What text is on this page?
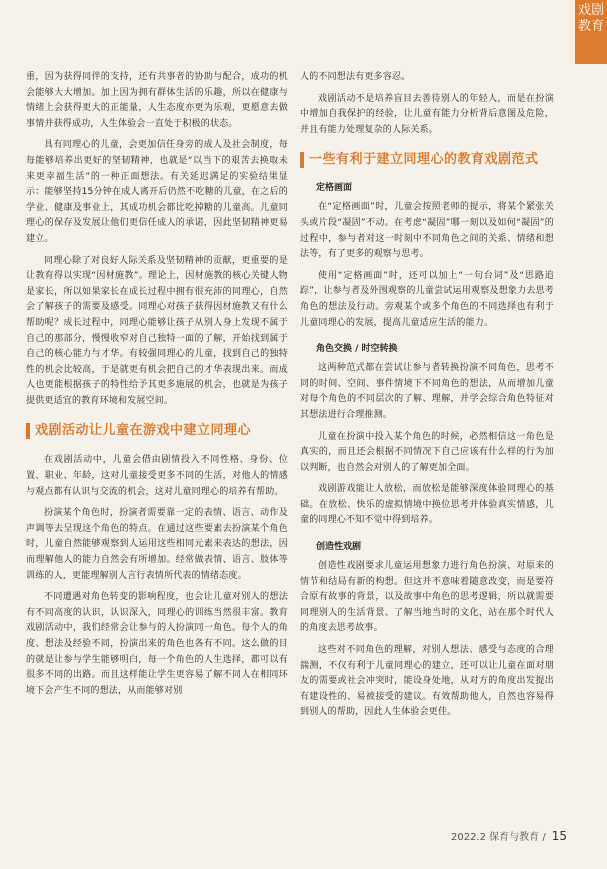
戏剧
教育

重，因为获得同伴的支持，还有共事者的协助与配合，成功的机会能够大大增加。加上因为拥有群体生活的乐趣，所以在健康与情绪上会获得更大的正能量，人生态度亦更为乐观，更愿意去做事情并获得成功，人生体验会一直处于积极的状态。

具有同理心的儿童，会更加信任身旁的成人及社会制度，每每能够培养出更好的坚韧精神，也就是“以当下的艰苦去换取未来更幸福生活”的一种正面想法。有关延迟满足的实验结果显示：能够坚持15分钟在成人离开后仍然不吃糖的儿童，在之后的学业、健康及事业上，其成功机会都比吃掉糖的儿童高。儿童同理心的保存及发展让他们更信任成人的承诺，因此坚韧精神更易建立。

同理心除了对良好人际关系及坚韧精神的贡献，更重要的是让教育得以实现“因材施教”。理论上，因材施教的核心关键人物是家长，所以如果家长在成长过程中拥有很充沛的同理心，自然会了解孩子的需要及感受。同理心对孩子获得因材施教又有什么帮助呢？成长过程中，同理心能够让孩子从别人身上发现不属于自己的那部分，慢慢收窄对自己独特一面的了解，开始找到属于自己的核心能力与才华。有较强同理心的儿童，找到自己的独特性的机会比较高，于是就更有机会把自己的才华表现出来。而成人也更能根据孩子的特性给予其更多施展的机会，也就是为孩子提供更适宜的教育环境和发展空间。

戏剧活动让儿童在游戏中建立同理心

在戏剧活动中，儿童会借由剧情投入不同性格、身份、位置、职业、年龄，这对儿童接受更多不同的生活，对他人的情感与观点都有认识与交流的机会，这对儿童同理心的培养有帮助。

扮演某个角色时，扮演者需要靠一定的表情、语言、动作及声调等去呈现这个角色的特点。在通过这些要素去扮演某个角色时，儿童自然能够观察到人运用这些相同元素来表达的想法，因而理解他人的能力自然会有所增加。经常做表情、语言、肢体等训练的人，更能理解别人言行表情所代表的情绪态度。

不同遭遇对角色转变的影响程度，也会让儿童对别人的想法有不同高度的认识，认识深入，同理心的训练当然很丰富。教育戏剧活动中，我们经常会让参与的人扮演同一角色。每个人的角度、想法及经验不同，扮演出来的角色也各有不同。这么做的目的就是让参与学生能够明白，每一个角色的人生选择，都可以有很多不同的出路。而且这样能让学生更容易了解不同人在相同环境下会产生不同的想法，从而能够对别

人的不同想法有更多容忍。

戏剧活动不是培养盲目去善待别人的年轻人，而是在扮演中增加自我保护的经验，让儿童有能力分析背后意图及危险，并且有能力处理复杂的人际关系。

一些有利于建立同理心的教育戏剧范式
定格画面

在“定格画面”时，儿童会按照老师的提示，将某个紧张关头或片段“凝固”不动。在考虑“凝固”哪一刻以及如何“凝固”的过程中，参与者对这一时刻中不同角色之间的关系、情绪和想法等，有了更多的观察与思考。

使用“定格画面”时，还可以加上“一句台词”及“思路追踪”，让参与者及外围观察的儿童尝试运用观察及想象力去思考角色的想法及行动。旁观某个或多个角色的不同选择也有利于儿童同理心的发展，提高儿童适应生活的能力。

角色交换 / 时空转换

这两种范式都在尝试让参与者转换扮演不同角色，思考不同的时间、空间、事件情境下不同角色的想法，从而增加儿童对每个角色的不同层次的了解、理解，并学会综合角色特征对其想法进行合理推测。

儿童在扮演中投入某个角色的时候，必然相信这一角色是真实的，而且还会根据不同情况下自己应该有什么样的行为加以判断，也自然会对别人的了解更加全面。

戏剧游戏能让人放松，而放松是能够深度体验同理心的基础。在放松、快乐的虚拟情境中换位思考并体验真实情感，儿童的同理心不知不觉中得到培养。

创造性戏剧

创造性戏剧要求儿童运用想象力进行角色扮演、对原来的情节和结局有新的构想。但这并不意味着随意改变，而是要符合原有故事的背景，以及故事中角色的思考逻辑，所以就需要同理别人的生活背景、了解当地当时的文化，站在那个时代人的角度去思考故事。

这些对不同角色的理解，对别人想法、感受与态度的合理揣测，不仅有利于儿童同理心的建立，还可以让儿童在面对朋友的需要或社会冲突时，能设身处地，从对方的角度出发提出有建设性的、易被接受的建议。有效帮助他人，自然也容易得到别人的帮助，因此人生体验会更佳。

2022.2 保育与教育 / 15
